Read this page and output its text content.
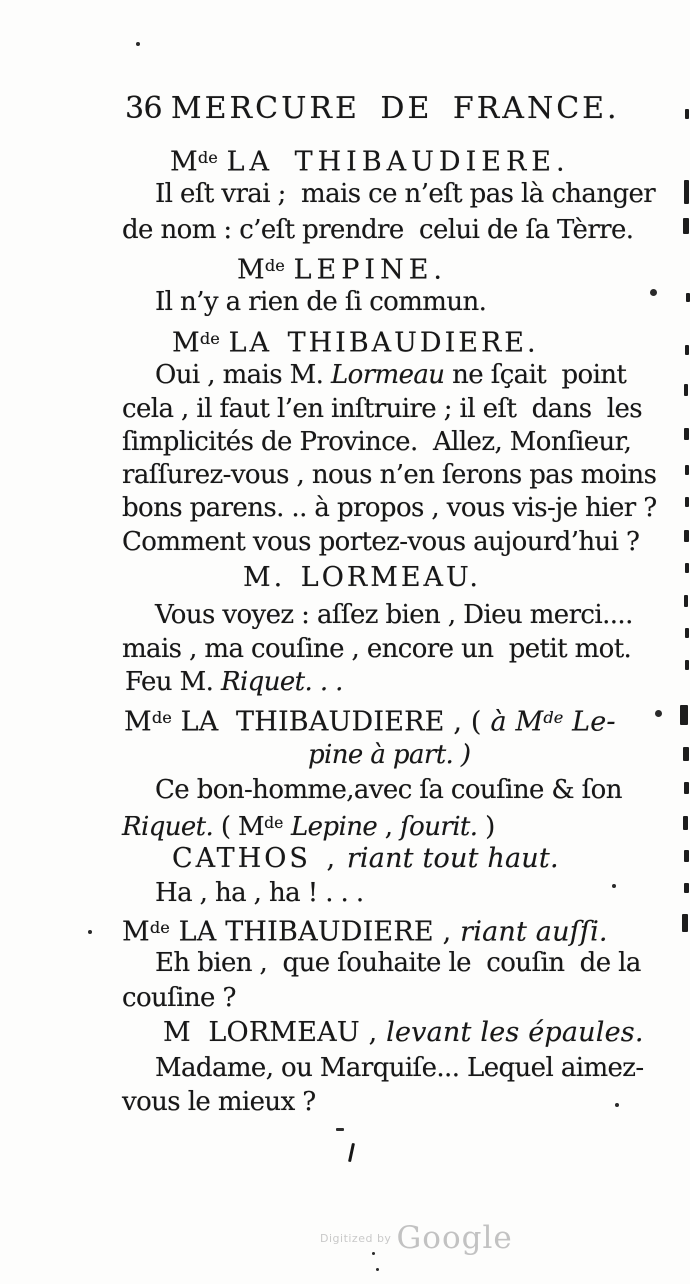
36 MERCURE DE FRANCE.
Mde LA THIBAUDIERE.
Il eſt vrai ;  mais ce n’eſt pas là changer
de nom : c’eſt prendre  celui de ſa Tèrre.
Mde LEPINE.
Il n’y a rien de ſi commun.
Mde LA THIBAUDIERE.
Oui , mais M. Lormeau ne ſçait  point
cela , il faut l’en inſtruire ; il eſt  dans  les
ſimplicités de Province.  Allez, Monſieur,
raſſurez-vous , nous n’en ſerons pas moins
bons parens. .. à propos , vous vis-je hier ?
Comment vous portez-vous aujourd’hui ?
M. LORMEAU.
Vous voyez : aſſez bien , Dieu merci....
mais , ma couſine , encore un  petit mot.
Feu M. Riquet. . .
Mde LA  THIBAUDIERE , ( à Mde Le-
pine à part. )
Ce bon-homme,avec ſa couſine & ſon
Riquet. ( Mde Lepine , ſourit. )
CATHOS , riant tout haut.
Ha , ha , ha ! . . .
Mde LA THIBAUDIERE , riant auſſi.
Eh bien ,  que ſouhaite le  couſin  de la
couſine ?
M  LORMEAU , levant les épaules.
Madame, ou Marquiſe... Lequel aimez-
vous le mieux ?
$^{Digitized by}$ Google
